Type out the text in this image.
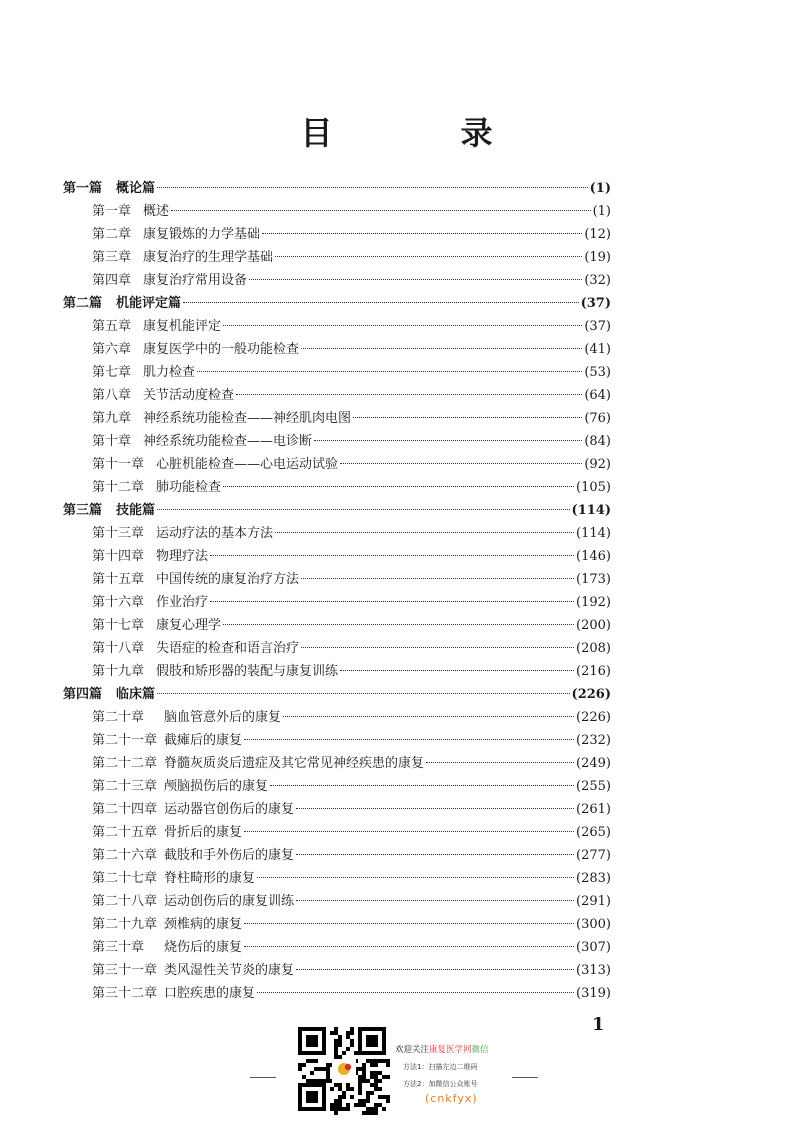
目　录
第一篇 概论篇	(1)
第一章 概述	(1)
第二章 康复锻炼的力学基础	(12)
第三章 康复治疗的生理学基础	(19)
第四章 康复治疗常用设备	(32)
第二篇 机能评定篇	(37)
第五章 康复机能评定	(37)
第六章 康复医学中的一般功能检查	(41)
第七章 肌力检查	(53)
第八章 关节活动度检查	(64)
第九章 神经系统功能检查——神经肌肉电图	(76)
第十章 神经系统功能检查——电诊断	(84)
第十一章 心脏机能检查——心电运动试验	(92)
第十二章 肺功能检查	(105)
第三篇 技能篇	(114)
第十三章 运动疗法的基本方法	(114)
第十四章 物理疗法	(146)
第十五章 中国传统的康复治疗方法	(173)
第十六章 作业治疗	(192)
第十七章 康复心理学	(200)
第十八章 失语症的检查和语言治疗	(208)
第十九章 假肢和矫形器的装配与康复训练	(216)
第四篇 临床篇	(226)
第二十章	脑血管意外后的康复	(226)
第二十一章 截瘫后的康复	(232)
第二十二章 脊髓灰质炎后遗症及其它常见神经疾患的康复	(249)
第二十三章 颅脑损伤后的康复	(255)
第二十四章 运动器官创伤后的康复	(261)
第二十五章 骨折后的康复	(265)
第二十六章 截肢和手外伤后的康复	(277)
第二十七章 脊柱畸形的康复	(283)
第二十八章 运动创伤后的康复训练	(291)
第二十九章 颈椎病的康复	(300)
第三十章	烧伤后的康复	(307)
第三十一章 类风湿性关节炎的康复	(313)
第三十二章 口腔疾患的康复	(319)
1
欢迎关注康复医学网微信
方法1：扫描左边二维码
方法2：加微信公众账号
(cnkfyx)
